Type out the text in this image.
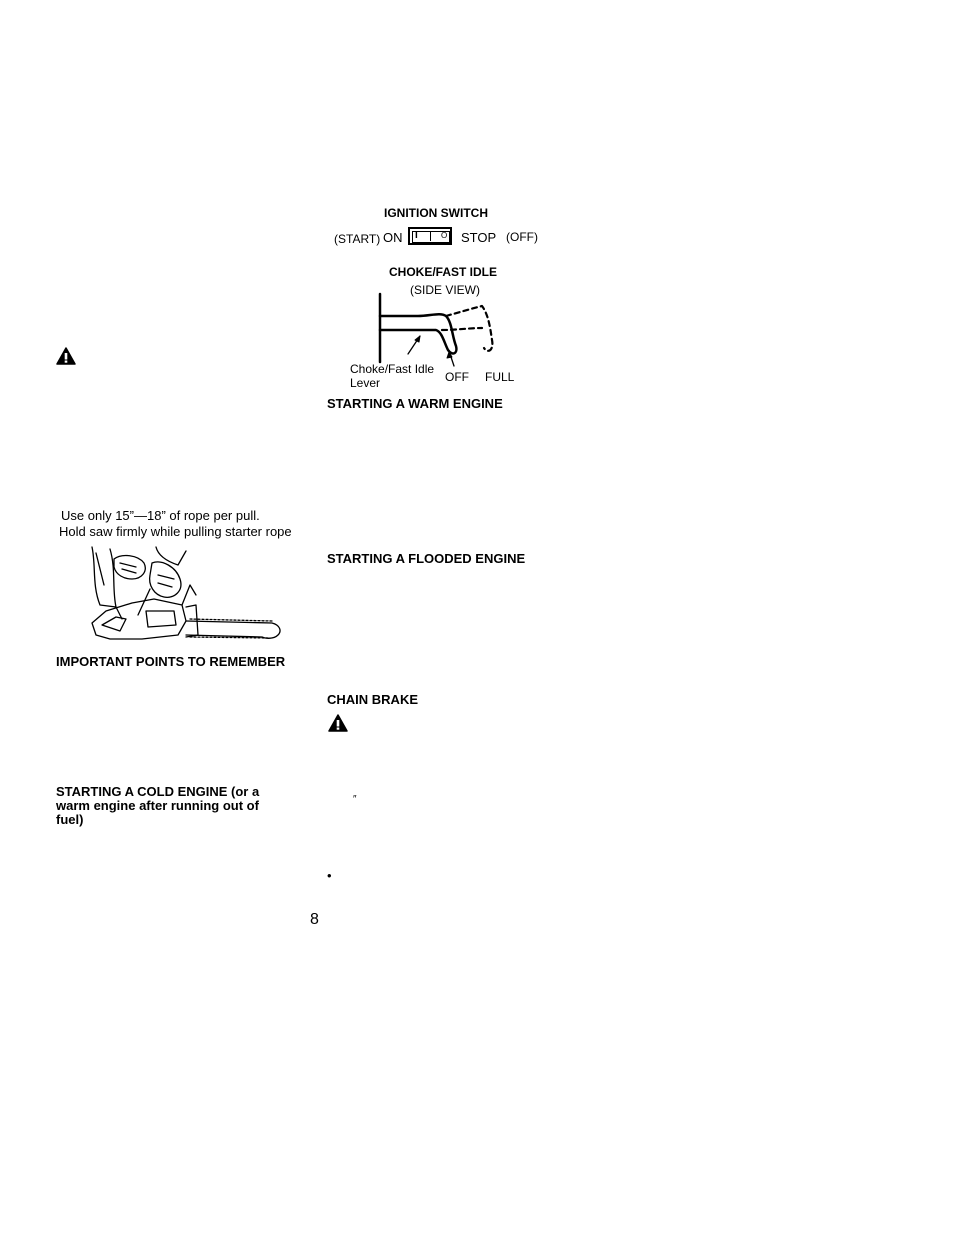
Use only 15”—18” of rope per pull.
Hold saw firmly while pulling starter rope
IMPORTANT POINTS TO REMEMBER
STARTING A COLD ENGINE (or a
warm engine after running out of
fuel)
IGNITION SWITCH
(START) ON I	O STOP (OFF)
CHOKE/FAST IDLE
(SIDE VIEW)
Choke/Fast Idle
Lever	OFF FULL
STARTING A WARM ENGINE
STARTING A FLOODED ENGINE
CHAIN BRAKE
″
•
8
